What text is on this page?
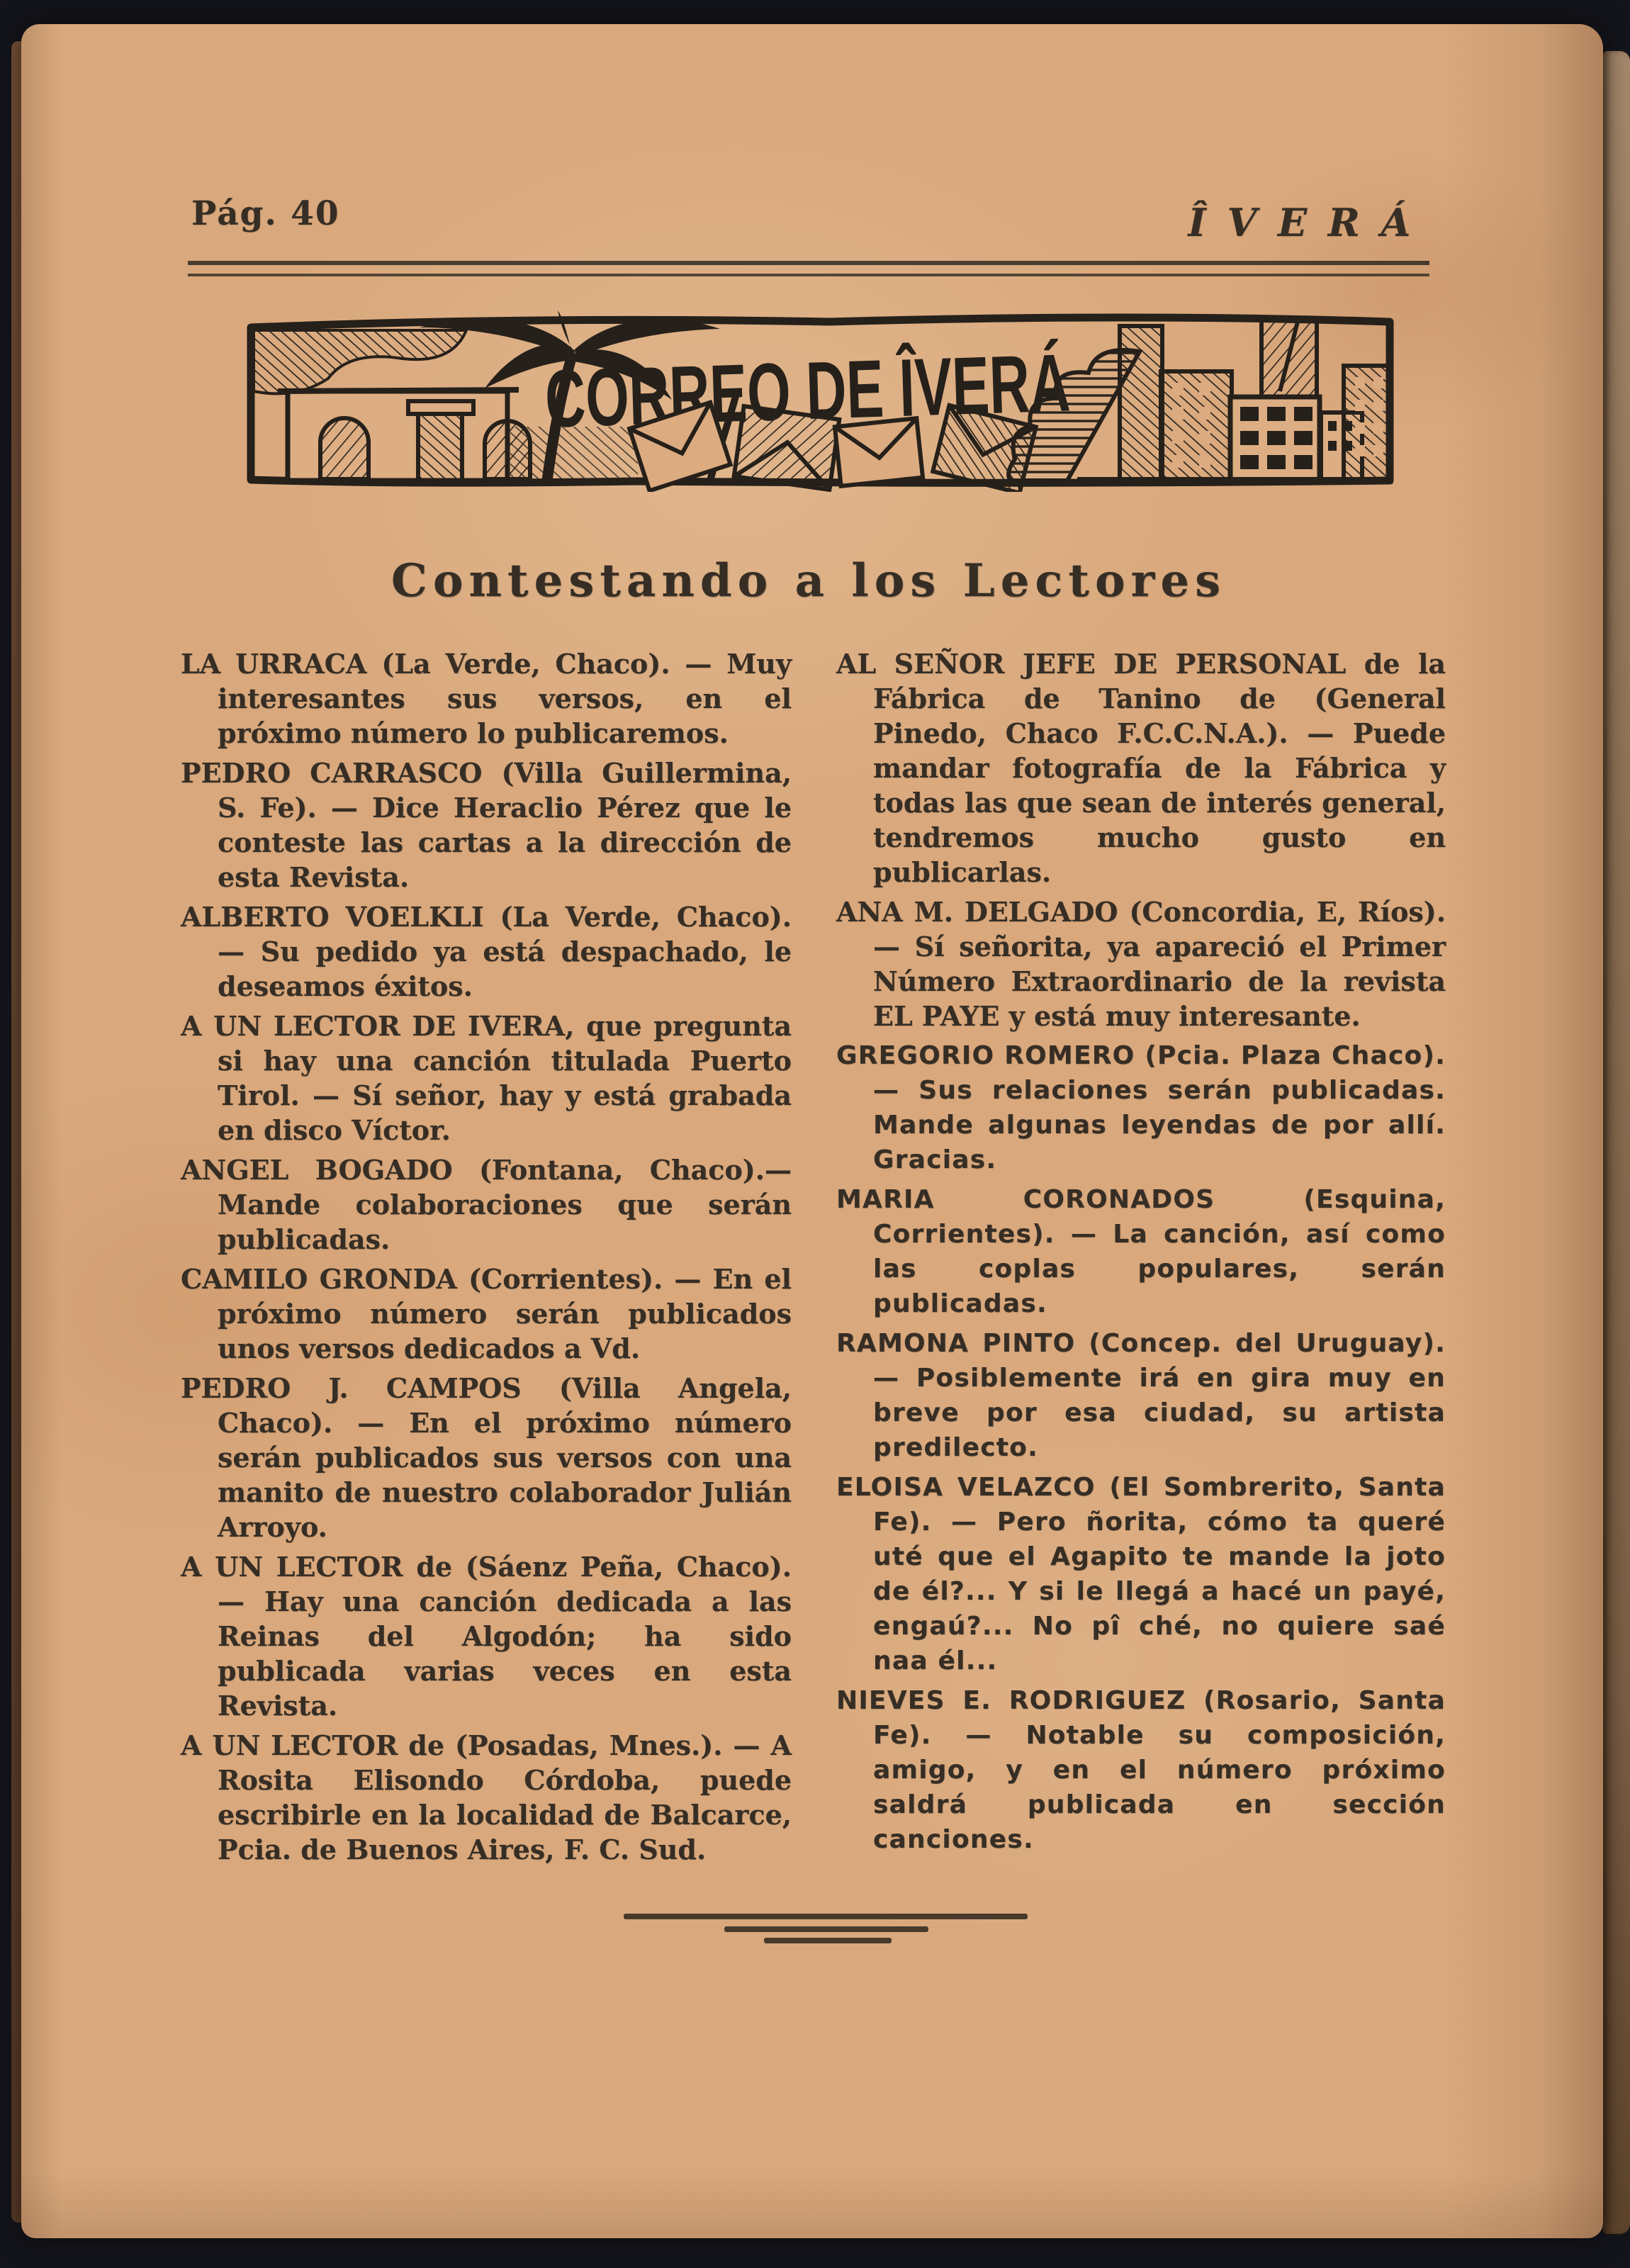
Pág. 40	ÎVERÁ
CORREO DE ÎVERÁ
Contestando a los Lectores

LA URRACA (La Verde, Chaco). — Muy interesantes sus versos, en el próximo número lo publicaremos.

PEDRO CARRASCO (Villa Guillermina, S. Fe). — Dice Heraclio Pérez que le conteste las cartas a la dirección de esta Revista.

ALBERTO VOELKLI (La Verde, Chaco). — Su pedido ya está despachado, le deseamos éxitos.

A UN LECTOR DE IVERA, que pregunta si hay una canción titulada Puerto Tirol. — Sí señor, hay y está grabada en disco Víctor.

ANGEL BOGADO (Fontana, Chaco).— Mande colaboraciones que serán publicadas.

CAMILO GRONDA (Corrientes). — En el próximo número serán publicados unos versos dedicados a Vd.

PEDRO J. CAMPOS (Villa Angela, Chaco). — En el próximo número serán publicados sus versos con una manito de nuestro colaborador Julián Arroyo.

A UN LECTOR de (Sáenz Peña, Chaco). — Hay una canción dedicada a las Reinas del Algodón; ha sido publicada varias veces en esta Revista.

A UN LECTOR de (Posadas, Mnes.). — A Rosita Elisondo Córdoba, puede escribirle en la localidad de Balcarce, Pcia. de Buenos Aires, F. C. Sud.

AL SEÑOR JEFE DE PERSONAL de la Fábrica de Tanino de (General Pinedo, Chaco F.C.C.N.A.). — Puede mandar fotografía de la Fábrica y todas las que sean de interés general, tendremos mucho gusto en publicarlas.

ANA M. DELGADO (Concordia, E, Ríos). — Sí señorita, ya apareció el Primer Número Extraordinario de la revista EL PAYE y está muy interesante.

GREGORIO ROMERO (Pcia. Plaza Chaco). — Sus relaciones serán publicadas. Mande algunas leyendas de por allí. Gracias.

MARIA CORONADOS (Esquina, Corrientes). — La canción, así como las coplas populares, serán publicadas.

RAMONA PINTO (Concep. del Uruguay). — Posiblemente irá en gira muy en breve por esa ciudad, su artista predilecto.

ELOISA VELAZCO (El Sombrerito, Santa Fe). — Pero ñorita, cómo ta queré uté que el Agapito te mande la joto de él?... Y si le llegá a hacé un payé, engaú?... No pî ché, no quiere saé naa él...

NIEVES E. RODRIGUEZ (Rosario, Santa Fe). — Notable su composición, amigo, y en el número próximo saldrá publicada en sección canciones.
